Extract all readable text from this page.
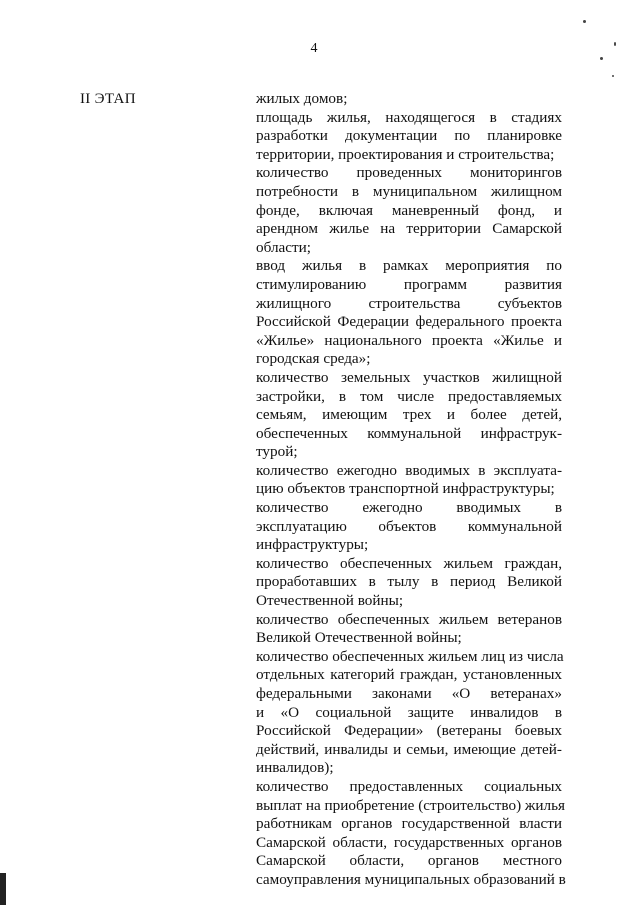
4
II ЭТАП	жилых домов;
площадь жилья, находящегося в стадиях
разработки документации по планировке
территории, проектирования и строительства;
количество проведенных мониторингов
потребности в муниципальном жилищном
фонде, включая маневренный фонд, и
арендном жилье на территории Самарской
области;
ввод жилья в рамках мероприятия по
стимулированию программ развития
жилищного строительства субъектов
Российской Федерации федерального проекта
«Жилье» национального проекта «Жилье и
городская среда»;
количество земельных участков жилищной
застройки, в том числе предоставляемых
семьям, имеющим трех и более детей,
обеспеченных коммунальной инфраструк-
турой;
количество ежегодно вводимых в эксплуата-
цию объектов транспортной инфраструктуры;
количество ежегодно вводимых в
эксплуатацию объектов коммунальной
инфраструктуры;
количество обеспеченных жильем граждан,
проработавших в тылу в период Великой
Отечественной войны;
количество обеспеченных жильем ветеранов
Великой Отечественной войны;
количество обеспеченных жильем лиц из числа
отдельных категорий граждан, установленных
федеральными законами «О ветеранах»
и «О социальной защите инвалидов в
Российской Федерации» (ветераны боевых
действий, инвалиды и семьи, имеющие детей-
инвалидов);
количество предоставленных социальных
выплат на приобретение (строительство) жилья
работникам органов государственной власти
Самарской области, государственных органов
Самарской области, органов местного
самоуправления муниципальных образований в
